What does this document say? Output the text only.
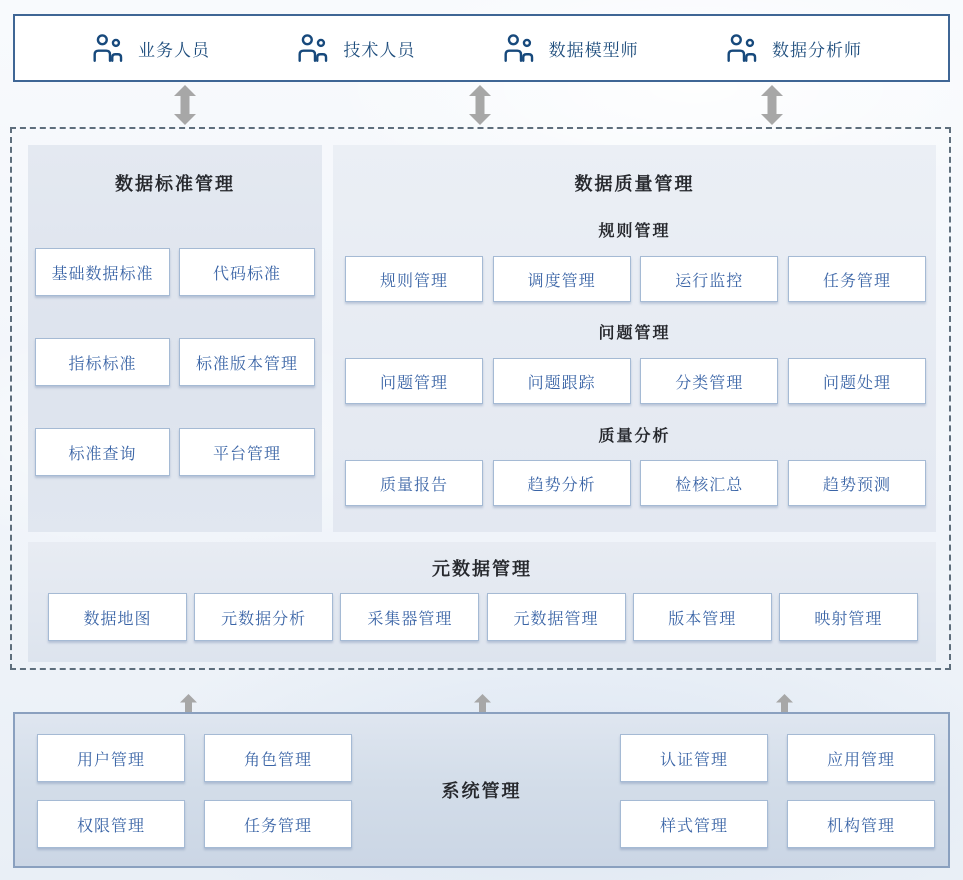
业务人员	技术人员	数据模型师	数据分析师
数据标准管理
基础数据标准	代码标准
指标标准	标准版本管理
标准查询	平台管理
数据质量管理
规则管理
规则管理	调度管理	运行监控	任务管理
问题管理
问题管理	问题跟踪	分类管理	问题处理
质量分析
质量报告	趋势分析	检核汇总	趋势预测
元数据管理
数据地图	元数据分析	采集器管理	元数据管理	版本管理	映射管理
系统管理
用户管理	角色管理
权限管理	任务管理
认证管理	应用管理
样式管理	机构管理
